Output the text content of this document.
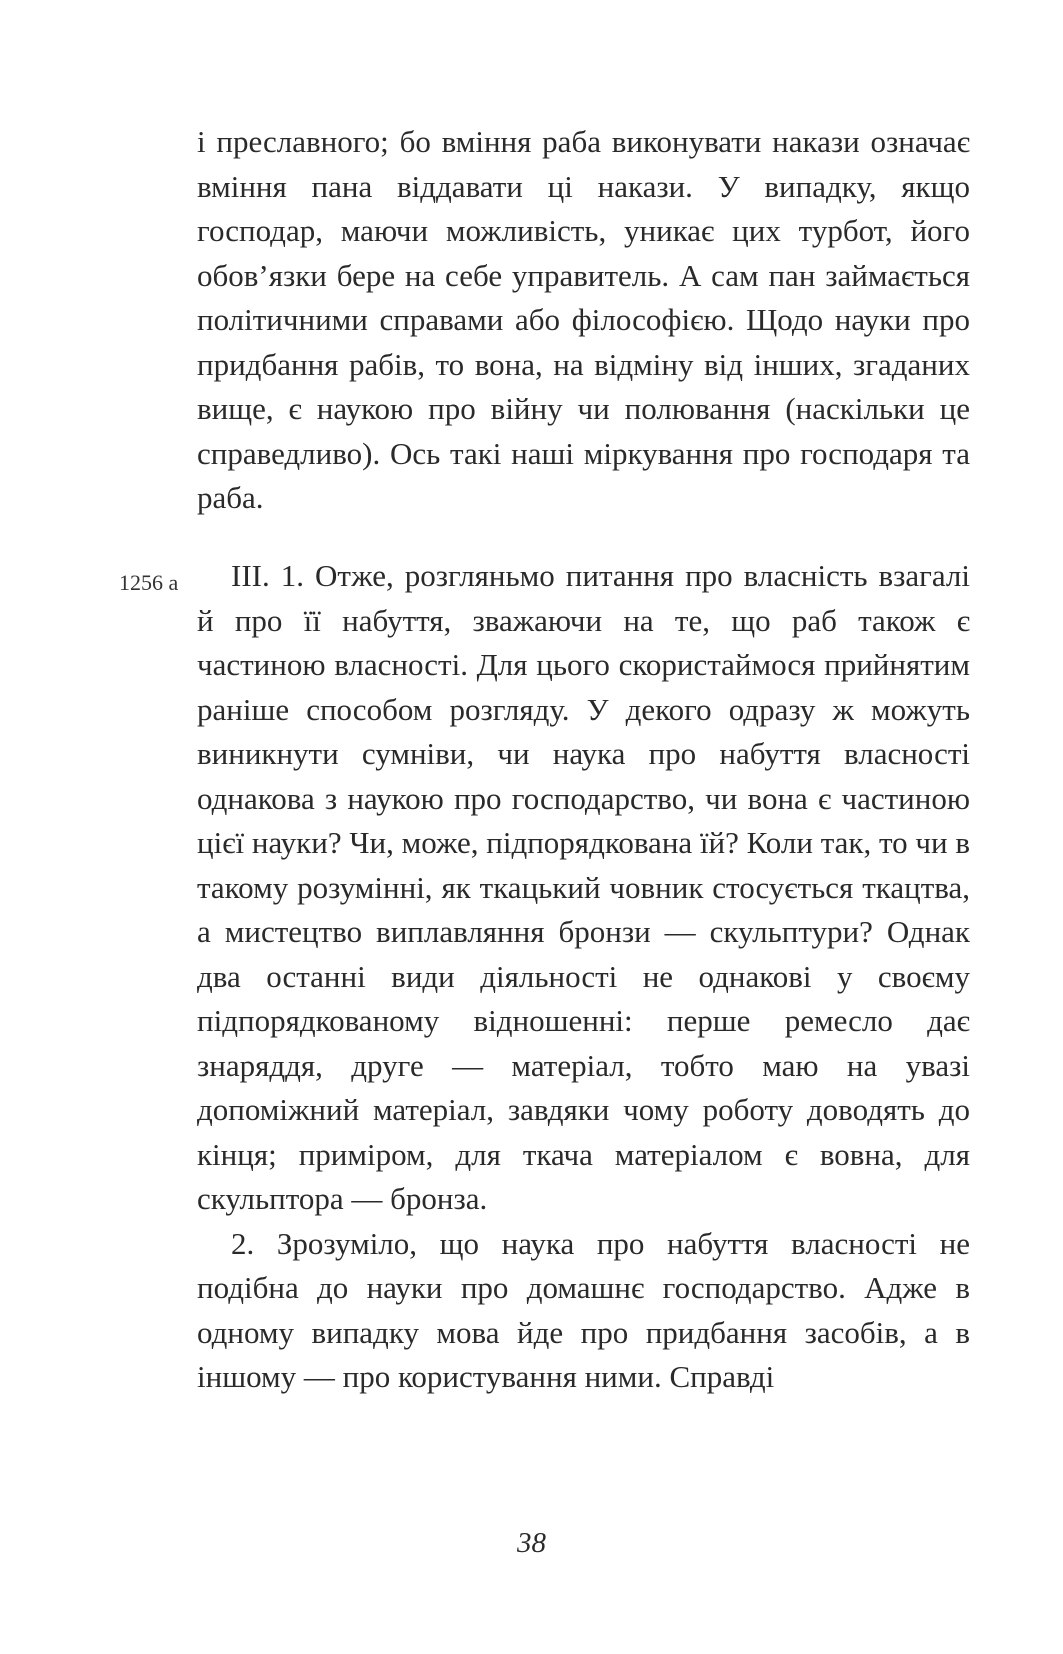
і преславного; бо вміння раба виконувати накази означає вміння пана віддавати ці накази. У випадку, якщо господар, маючи можливість, уникає цих турбот, його обов’язки бере на себе управитель. А сам пан займається політичними справами або філософією. Щодо науки про придбання рабів, то вона, на відміну від інших, згаданих вище, є наукою про війну чи полювання (наскільки це справедливо). Ось такі наші міркування про господаря та раба.

1256 a	ІІІ. 1. Отже, розгляньмо питання про власність взагалі й про її набуття, зважаючи на те, що раб також є частиною власності. Для цього скористаймося прийнятим раніше способом розгляду. У декого одразу ж можуть виникнути сумніви, чи наука про набуття власності однакова з наукою про господарство, чи вона є частиною цієї науки? Чи, може, підпорядкована їй? Коли так, то чи в такому розумінні, як ткацький човник стосується ткацтва, а мистецтво виплавляння бронзи — скульптури? Однак два останні види діяльності не однакові у своєму підпорядкованому відношенні: перше ремесло дає знаряддя, друге — матеріал, тобто маю на увазі допоміжний матеріал, завдяки чому роботу доводять до кінця; приміром, для ткача матеріалом є вовна, для скульптора — бронза.

2. Зрозуміло, що наука про набуття власності не подібна до науки про домашнє господарство. Адже в одному випадку мова йде про придбання засобів, а в іншому — про користування ними. Справді

38
